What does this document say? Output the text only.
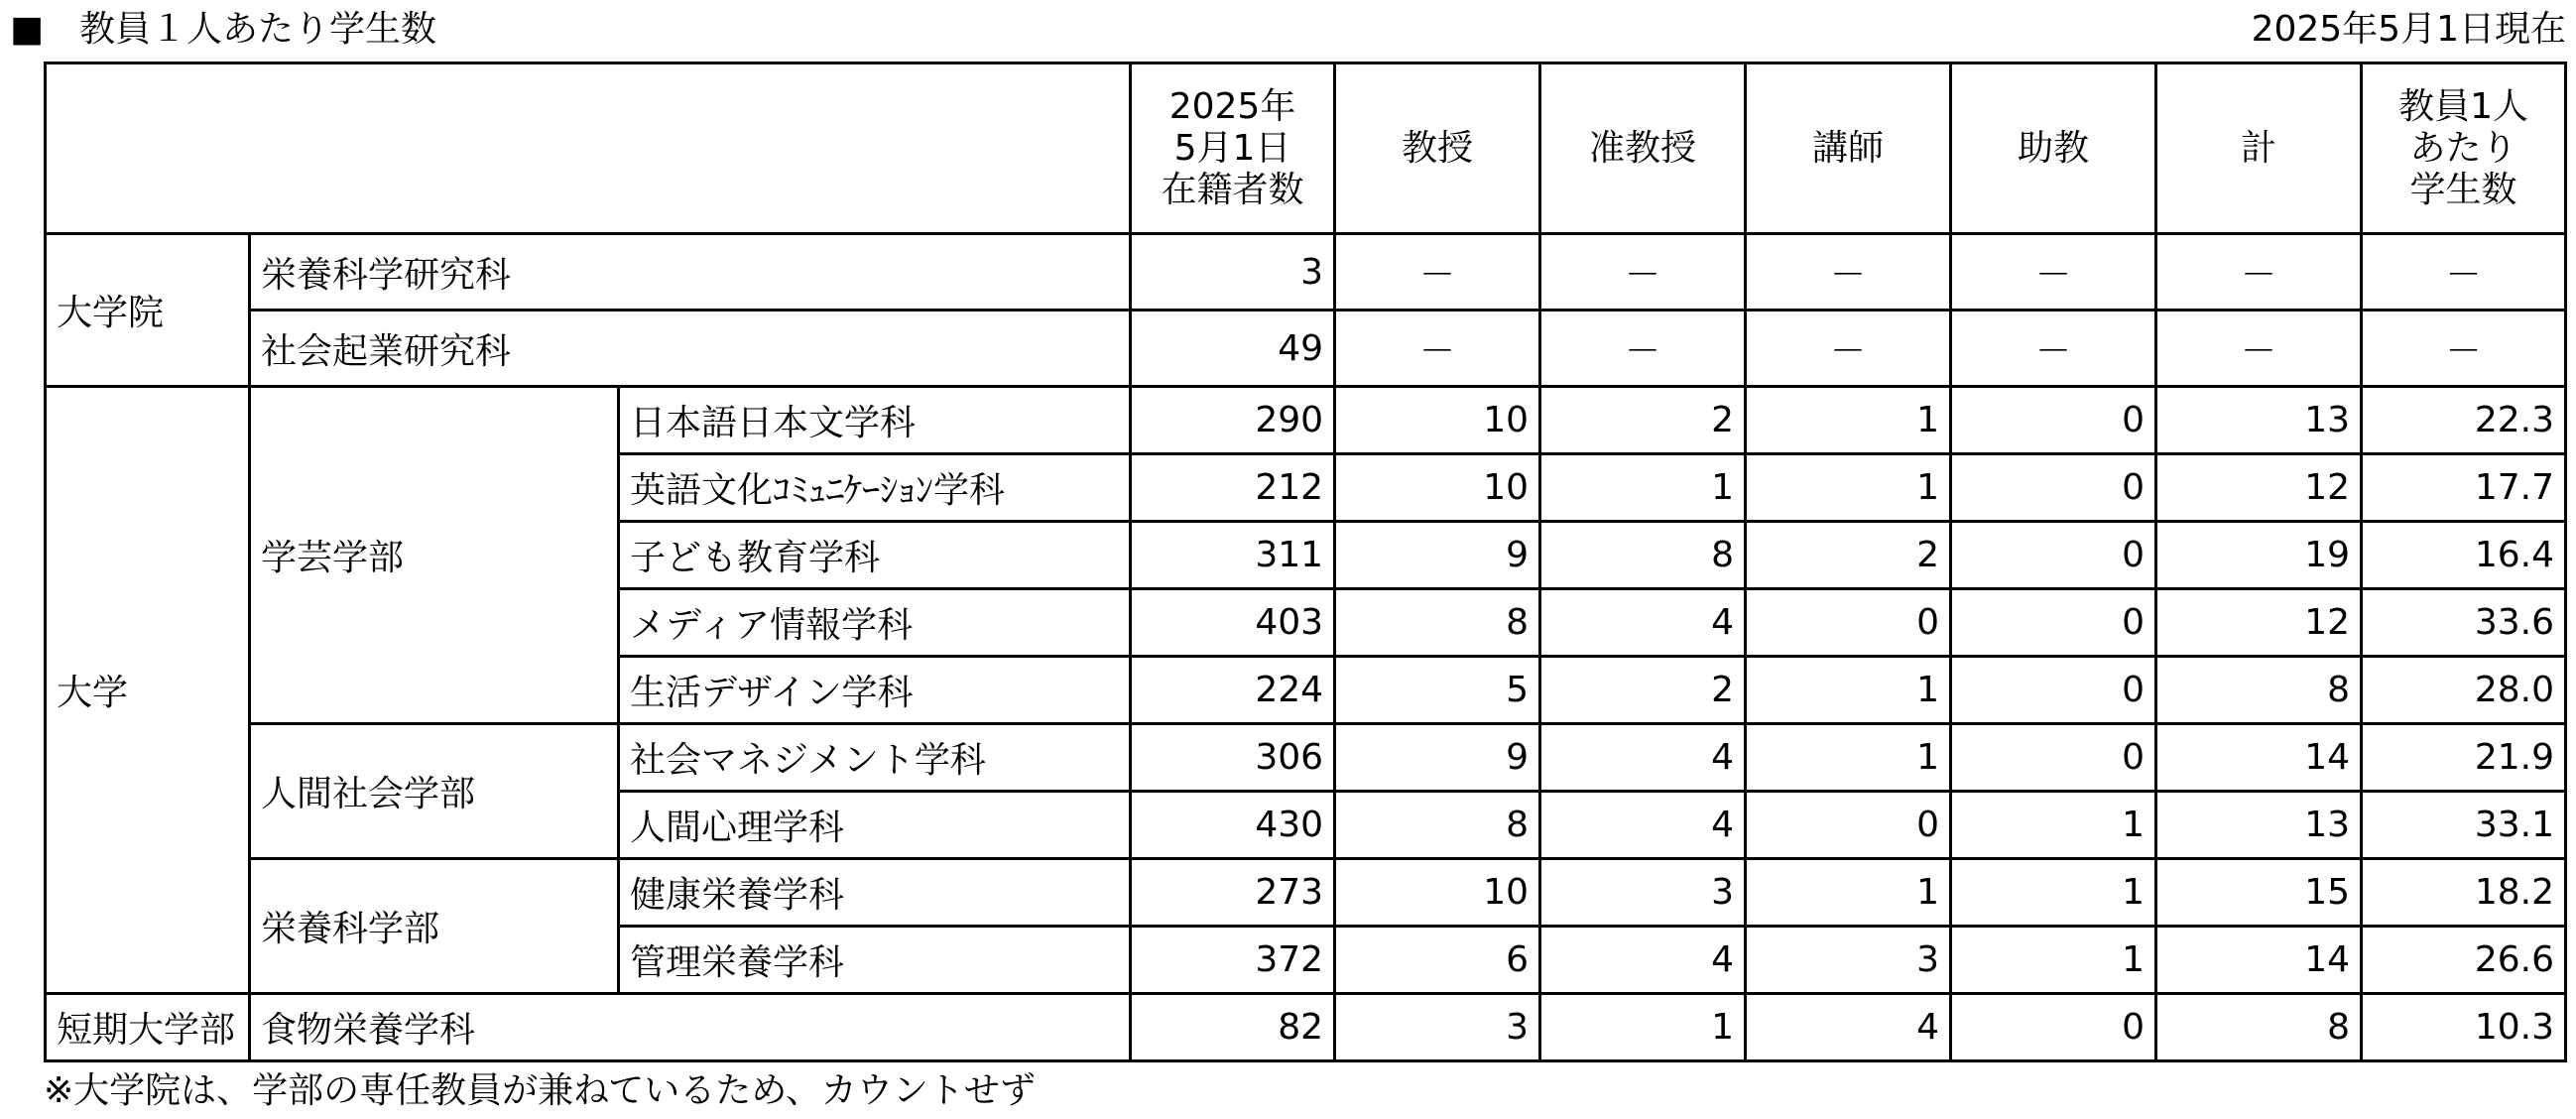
■　教員１人あたり学生数	2025年5月1日現在

			2025年
5月1日
在籍者数	教授	准教授	講師	助教	計	教員1人
あたり
学生数

大学院	栄養科学研究科		3	－	－	－	－	－	－
	社会起業研究科		49	－	－	－	－	－	－
大学	学芸学部	日本語日本文学科	290	10	2	1	0	13	22.3
		英語文化ｺﾐｭﾆｹｰｼｮﾝ学科	212	10	1	1	0	12	17.7
		子ども教育学科	311	9	8	2	0	19	16.4
		メディア情報学科	403	8	4	0	0	12	33.6
		生活デザイン学科	224	5	2	1	0	8	28.0
	人間社会学部	社会マネジメント学科	306	9	4	1	0	14	21.9
		人間心理学科	430	8	4	0	1	13	33.1
	栄養科学部	健康栄養学科	273	10	3	1	1	15	18.2
		管理栄養学科	372	6	4	3	1	14	26.6
短期大学部	食物栄養学科		82	3	1	4	0	8	10.3
※大学院は、学部の専任教員が兼ねているため、カウントせず
